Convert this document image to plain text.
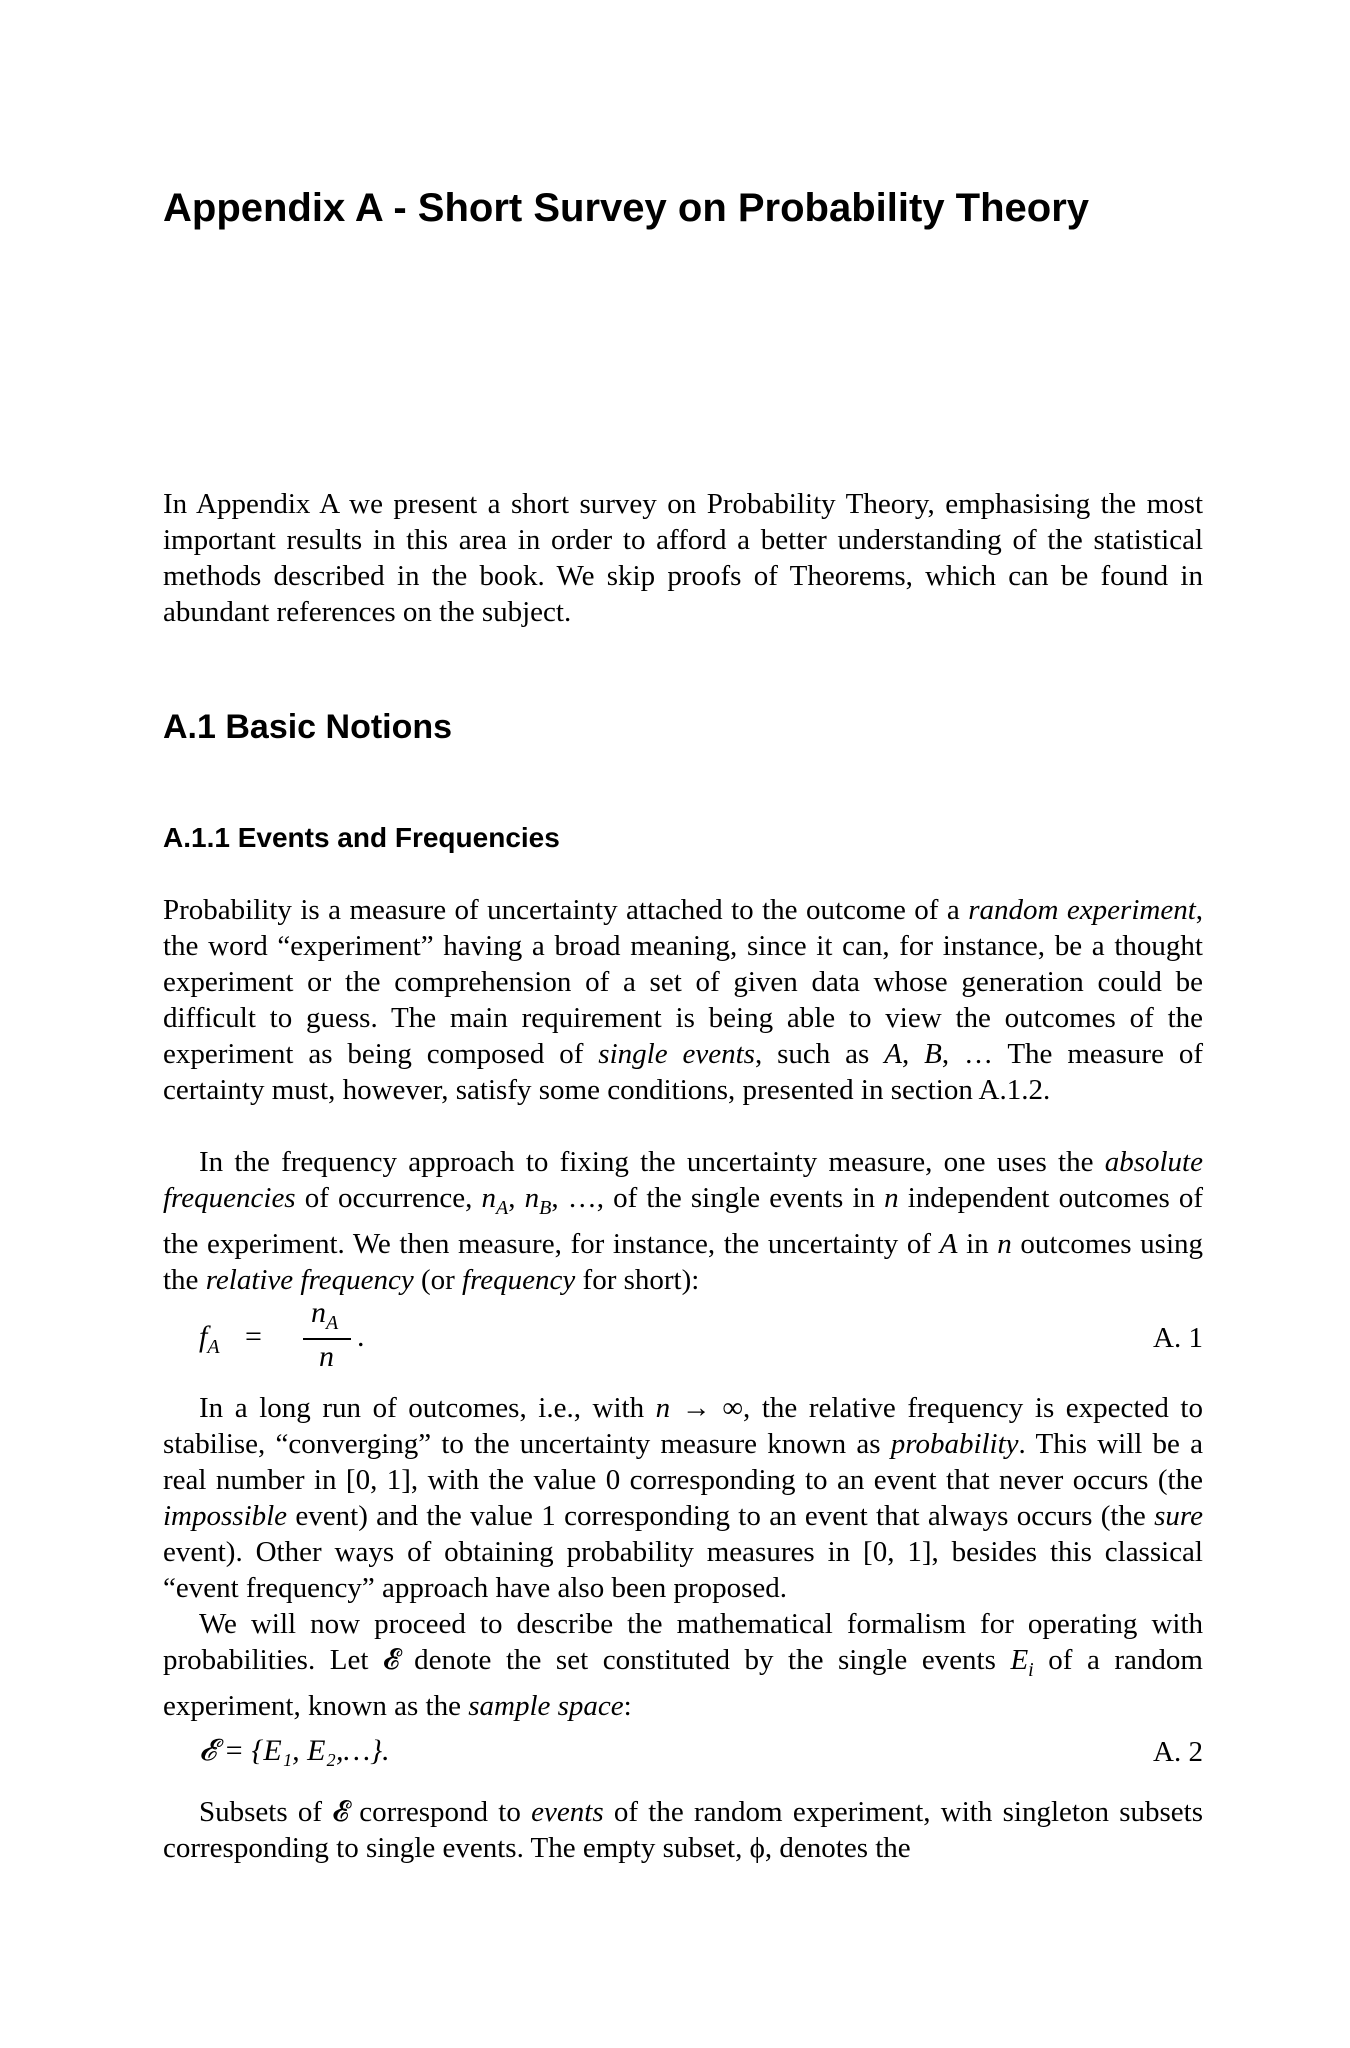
Appendix A - Short Survey on Probability Theory

In Appendix A we present a short survey on Probability Theory, emphasising the most important results in this area in order to afford a better understanding of the statistical methods described in the book. We skip proofs of Theorems, which can be found in abundant references on the subject.

A.1 Basic Notions
A.1.1 Events and Frequencies

Probability is a measure of uncertainty attached to the outcome of a random experiment, the word “experiment” having a broad meaning, since it can, for instance, be a thought experiment or the comprehension of a set of given data whose generation could be difficult to guess. The main requirement is being able to view the outcomes of the experiment as being composed of single events, such as A, B, … The measure of certainty must, however, satisfy some conditions, presented in section A.1.2.

In the frequency approach to fixing the uncertainty measure, one uses the absolute frequencies of occurrence, $n_A$, $n_B$, …, of the single events in n independent outcomes of the experiment. We then measure, for instance, the uncertainty of A in n outcomes using the relative frequency (or frequency for short):

$f_A$ =
$n_A$
n
.	A. 1

In a long run of outcomes, i.e., with n → ∞, the relative frequency is expected to stabilise, “converging” to the uncertainty measure known as probability. This will be a real number in [0, 1], with the value 0 corresponding to an event that never occurs (the impossible event) and the value 1 corresponding to an event that always occurs (the sure event). Other ways of obtaining probability measures in [0, 1], besides this classical “event frequency” approach have also been proposed.

We will now proceed to describe the mathematical formalism for operating with probabilities. Let 𝓔 denote the set constituted by the single events $E_i$ of a random experiment, known as the sample space:

𝓔 = {E₁, E₂,…}.	A. 2

Subsets of 𝓔 correspond to events of the random experiment, with singleton subsets corresponding to single events. The empty subset, ϕ, denotes the
